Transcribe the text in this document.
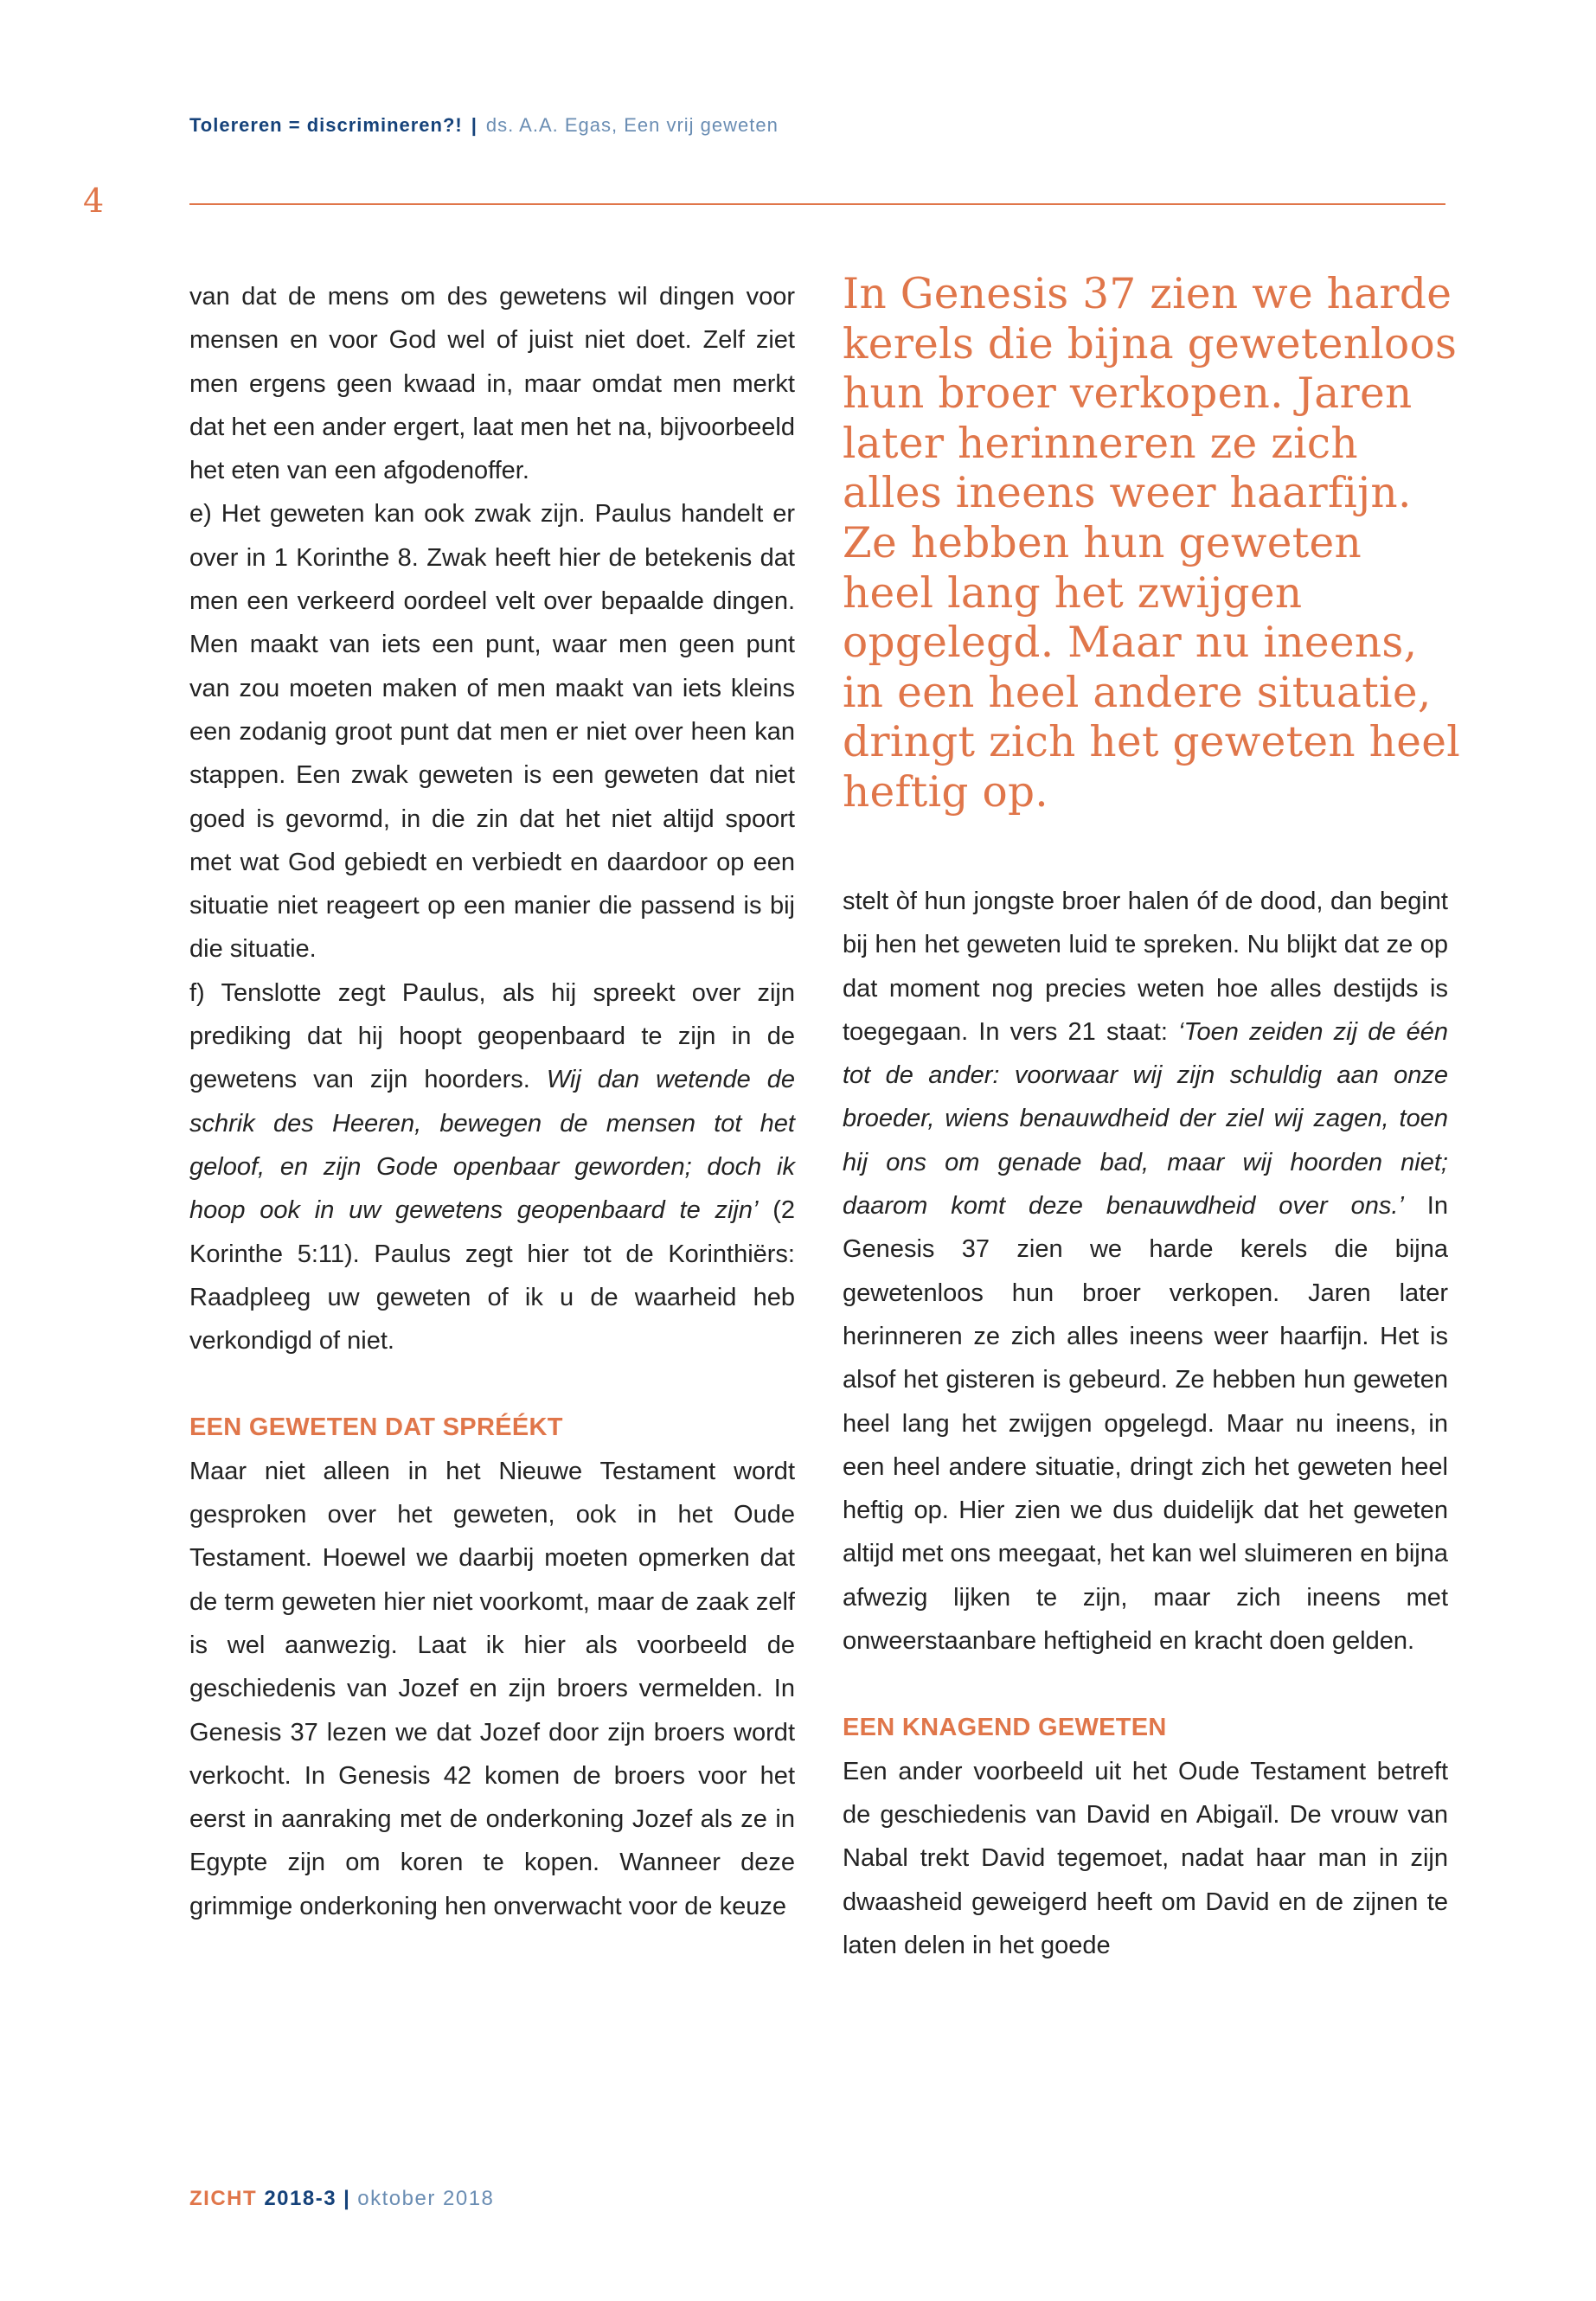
Tolereren = discrimineren?! | ds. A.A. Egas, Een vrij geweten
4

van dat de mens om des gewetens wil dingen voor mensen en voor God wel of juist niet doet. Zelf ziet men ergens geen kwaad in, maar omdat men merkt dat het een ander ergert, laat men het na, bijvoorbeeld het eten van een afgodenoffer.

e) Het geweten kan ook zwak zijn. Paulus handelt er over in 1 Korinthe 8. Zwak heeft hier de betekenis dat men een verkeerd oordeel velt over bepaalde dingen. Men maakt van iets een punt, waar men geen punt van zou moeten maken of men maakt van iets kleins een zodanig groot punt dat men er niet over heen kan stappen. Een zwak geweten is een geweten dat niet goed is gevormd, in die zin dat het niet altijd spoort met wat God gebiedt en verbiedt en daardoor op een situatie niet reageert op een manier die passend is bij die situatie.

f) Tenslotte zegt Paulus, als hij spreekt over zijn prediking dat hij hoopt geopenbaard te zijn in de gewetens van zijn hoorders. Wij dan wetende de schrik des Heeren, bewegen de mensen tot het geloof, en zijn Gode openbaar geworden; doch ik hoop ook in uw gewetens geopenbaard te zijn’ (2 Korinthe 5:11). Paulus zegt hier tot de Korinthiërs: Raadpleeg uw geweten of ik u de waarheid heb verkondigd of niet.

EEN GEWETEN DAT SPRÉÉKT

Maar niet alleen in het Nieuwe Testament wordt gesproken over het geweten, ook in het Oude Testament. Hoewel we daarbij moeten opmerken dat de term geweten hier niet voorkomt, maar de zaak zelf is wel aanwezig. Laat ik hier als voorbeeld de geschiedenis van Jozef en zijn broers vermelden. In Genesis 37 lezen we dat Jozef door zijn broers wordt verkocht. In Genesis 42 komen de broers voor het eerst in aanraking met de onderkoning Jozef als ze in Egypte zijn om koren te kopen. Wanneer deze grimmige onderkoning hen onverwacht voor de keuze

In Genesis 37 zien we harde kerels die bijna gewetenloos hun broer verkopen. Jaren later herinneren ze zich alles ineens weer haarfijn. Ze hebben hun geweten heel lang het zwijgen opgelegd. Maar nu ineens, in een heel andere situatie, dringt zich het geweten heel heftig op.

stelt òf hun jongste broer halen óf de dood, dan begint bij hen het geweten luid te spreken. Nu blijkt dat ze op dat moment nog precies weten hoe alles destijds is toegegaan. In vers 21 staat: ‘Toen zeiden zij de één tot de ander: voorwaar wij zijn schuldig aan onze broeder, wiens benauwdheid der ziel wij zagen, toen hij ons om genade bad, maar wij hoorden niet; daarom komt deze benauwdheid over ons.’ In Genesis 37 zien we harde kerels die bijna gewetenloos hun broer verkopen. Jaren later herinneren ze zich alles ineens weer haarfijn. Het is alsof het gisteren is gebeurd. Ze hebben hun geweten heel lang het zwijgen opgelegd. Maar nu ineens, in een heel andere situatie, dringt zich het geweten heel heftig op. Hier zien we dus duidelijk dat het geweten altijd met ons meegaat, het kan wel sluimeren en bijna afwezig lijken te zijn, maar zich ineens met onweerstaanbare heftigheid en kracht doen gelden.

EEN KNAGEND GEWETEN

Een ander voorbeeld uit het Oude Testament betreft de geschiedenis van David en Abigaïl. De vrouw van Nabal trekt David tegemoet, nadat haar man in zijn dwaasheid geweigerd heeft om David en de zijnen te laten delen in het goede

ZICHT 2018-3 | oktober 2018
